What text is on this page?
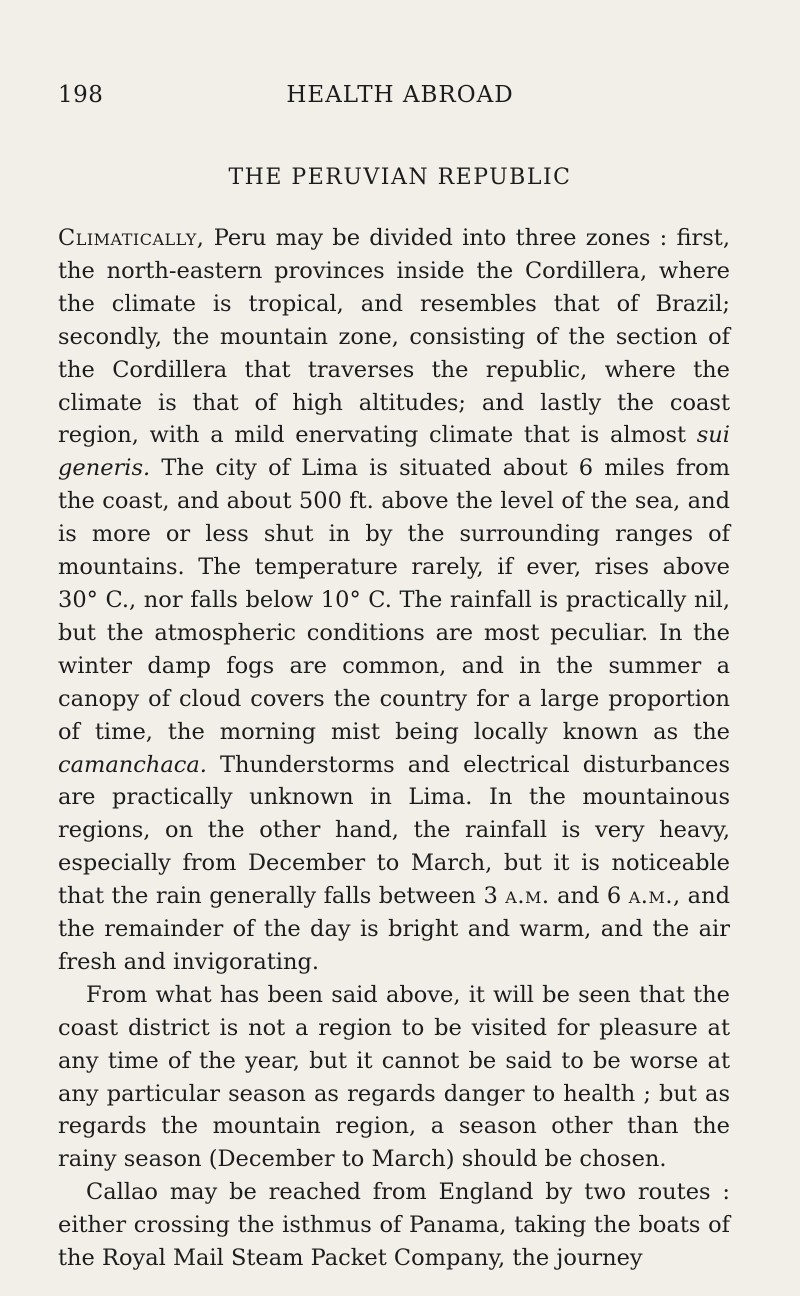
198	HEALTH ABROAD
THE PERUVIAN REPUBLIC

Climatically, Peru may be divided into three zones : first, the north-eastern provinces inside the Cordillera, where the climate is tropical, and resembles that of Brazil; secondly, the mountain zone, consisting of the section of the Cordillera that traverses the republic, where the climate is that of high altitudes; and lastly the coast region, with a mild enervating climate that is almost sui generis. The city of Lima is situated about 6 miles from the coast, and about 500 ft. above the level of the sea, and is more or less shut in by the surrounding ranges of mountains. The temperature rarely, if ever, rises above 30° C., nor falls below 10° C. The rainfall is practically nil, but the atmospheric conditions are most peculiar. In the winter damp fogs are common, and in the summer a canopy of cloud covers the country for a large proportion of time, the morning mist being locally known as the camanchaca. Thunderstorms and electrical disturbances are practically unknown in Lima. In the mountainous regions, on the other hand, the rainfall is very heavy, especially from December to March, but it is noticeable that the rain generally falls between 3 a.m. and 6 a.m., and the remainder of the day is bright and warm, and the air fresh and invigorating.

From what has been said above, it will be seen that the coast district is not a region to be visited for pleasure at any time of the year, but it cannot be said to be worse at any particular season as regards danger to health ; but as regards the mountain region, a season other than the rainy season (December to March) should be chosen.

Callao may be reached from England by two routes : either crossing the isthmus of Panama, taking the boats of the Royal Mail Steam Packet Company, the journey
